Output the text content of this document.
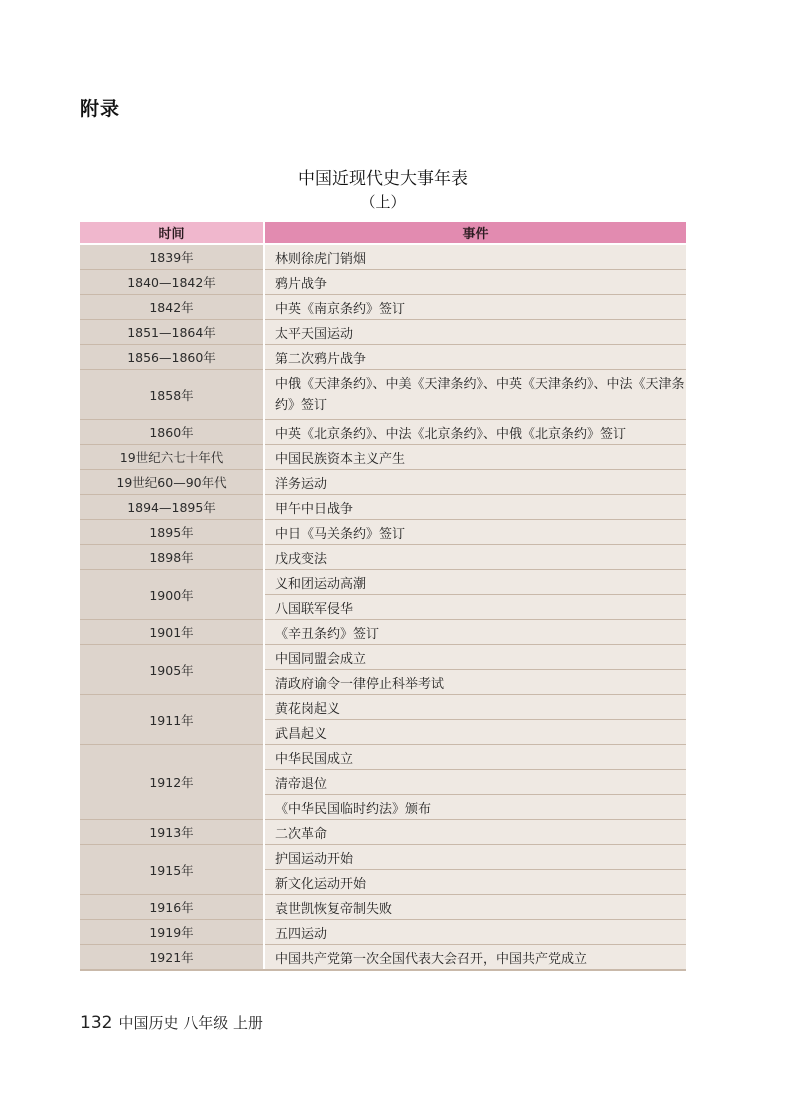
附录
中国近现代史大事年表
（上）
时间	事件
1839年	林则徐虎门销烟
1840—1842年	鸦片战争
1842年	中英《南京条约》签订
1851—1864年	太平天国运动
1856—1860年	第二次鸦片战争
1858年	中俄《天津条约》、中美《天津条约》、中英《天津条约》、中法《天津条约》签订
1860年	中英《北京条约》、中法《北京条约》、中俄《北京条约》签订
19世纪六七十年代	中国民族资本主义产生
19世纪60—90年代	洋务运动
1894—1895年	甲午中日战争
1895年	中日《马关条约》签订
1898年	戊戌变法
1900年	义和团运动高潮
	八国联军侵华
1901年	《辛丑条约》签订
1905年	中国同盟会成立
	清政府谕令一律停止科举考试
1911年	黄花岗起义
	武昌起义
1912年	中华民国成立
	清帝退位
	《中华民国临时约法》颁布
1913年	二次革命
1915年	护国运动开始
	新文化运动开始
1916年	袁世凯恢复帝制失败
1919年	五四运动
1921年	中国共产党第一次全国代表大会召开，中国共产党成立
132 中国历史 八年级 上册
